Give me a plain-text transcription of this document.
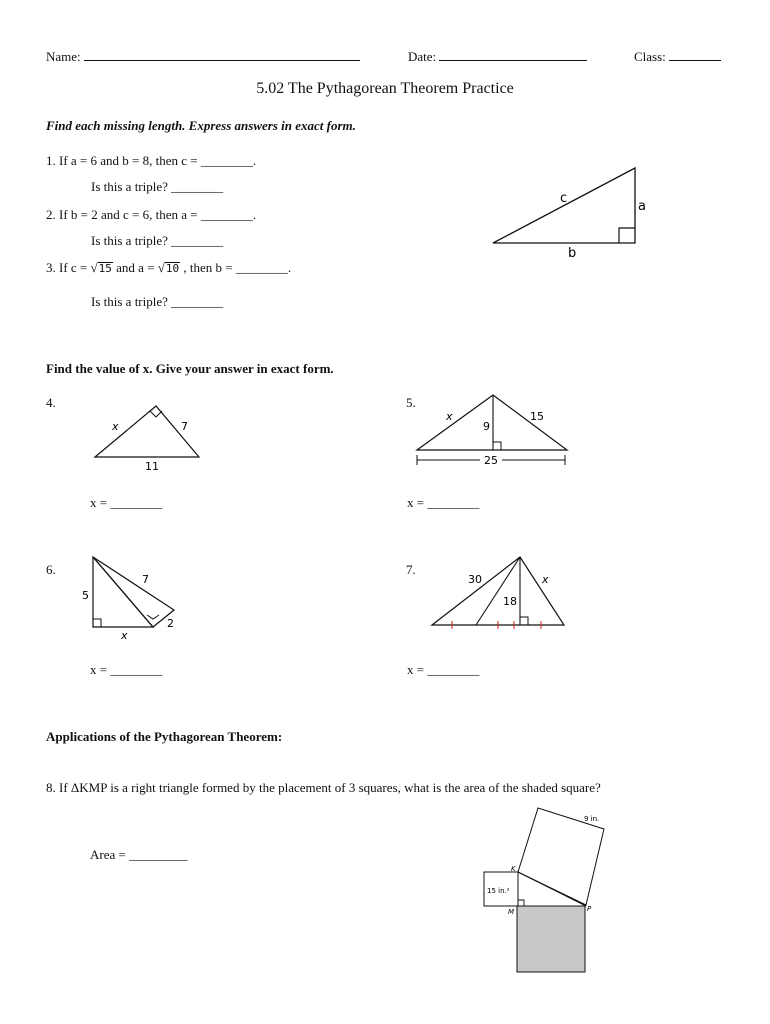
Name:	Date:	Class:
5.02 The Pythagorean Theorem Practice
Find each missing length. Express answers in exact form.
1. If a = 6 and b = 8, then c = ________.
Is this a triple? ________
2. If b = 2 and c = 6, then a = ________.
Is this a triple? ________
3. If c = √15 and a = √10 , then b = ________.
Is this a triple? ________
c
a
b
Find the value of x. Give your answer in exact form.
4.
x	7
11
x = ________
5.
x
9
15
25
x = ________
6.
5
7
2
x
x = ________
7.
30
18
x
x = ________
Applications of the Pythagorean Theorem:
8. If ΔKMP is a right triangle formed by the placement of 3 squares, what is the area of the shaded square?
Area = _________
9 in.
15 in.²
K
M	P
